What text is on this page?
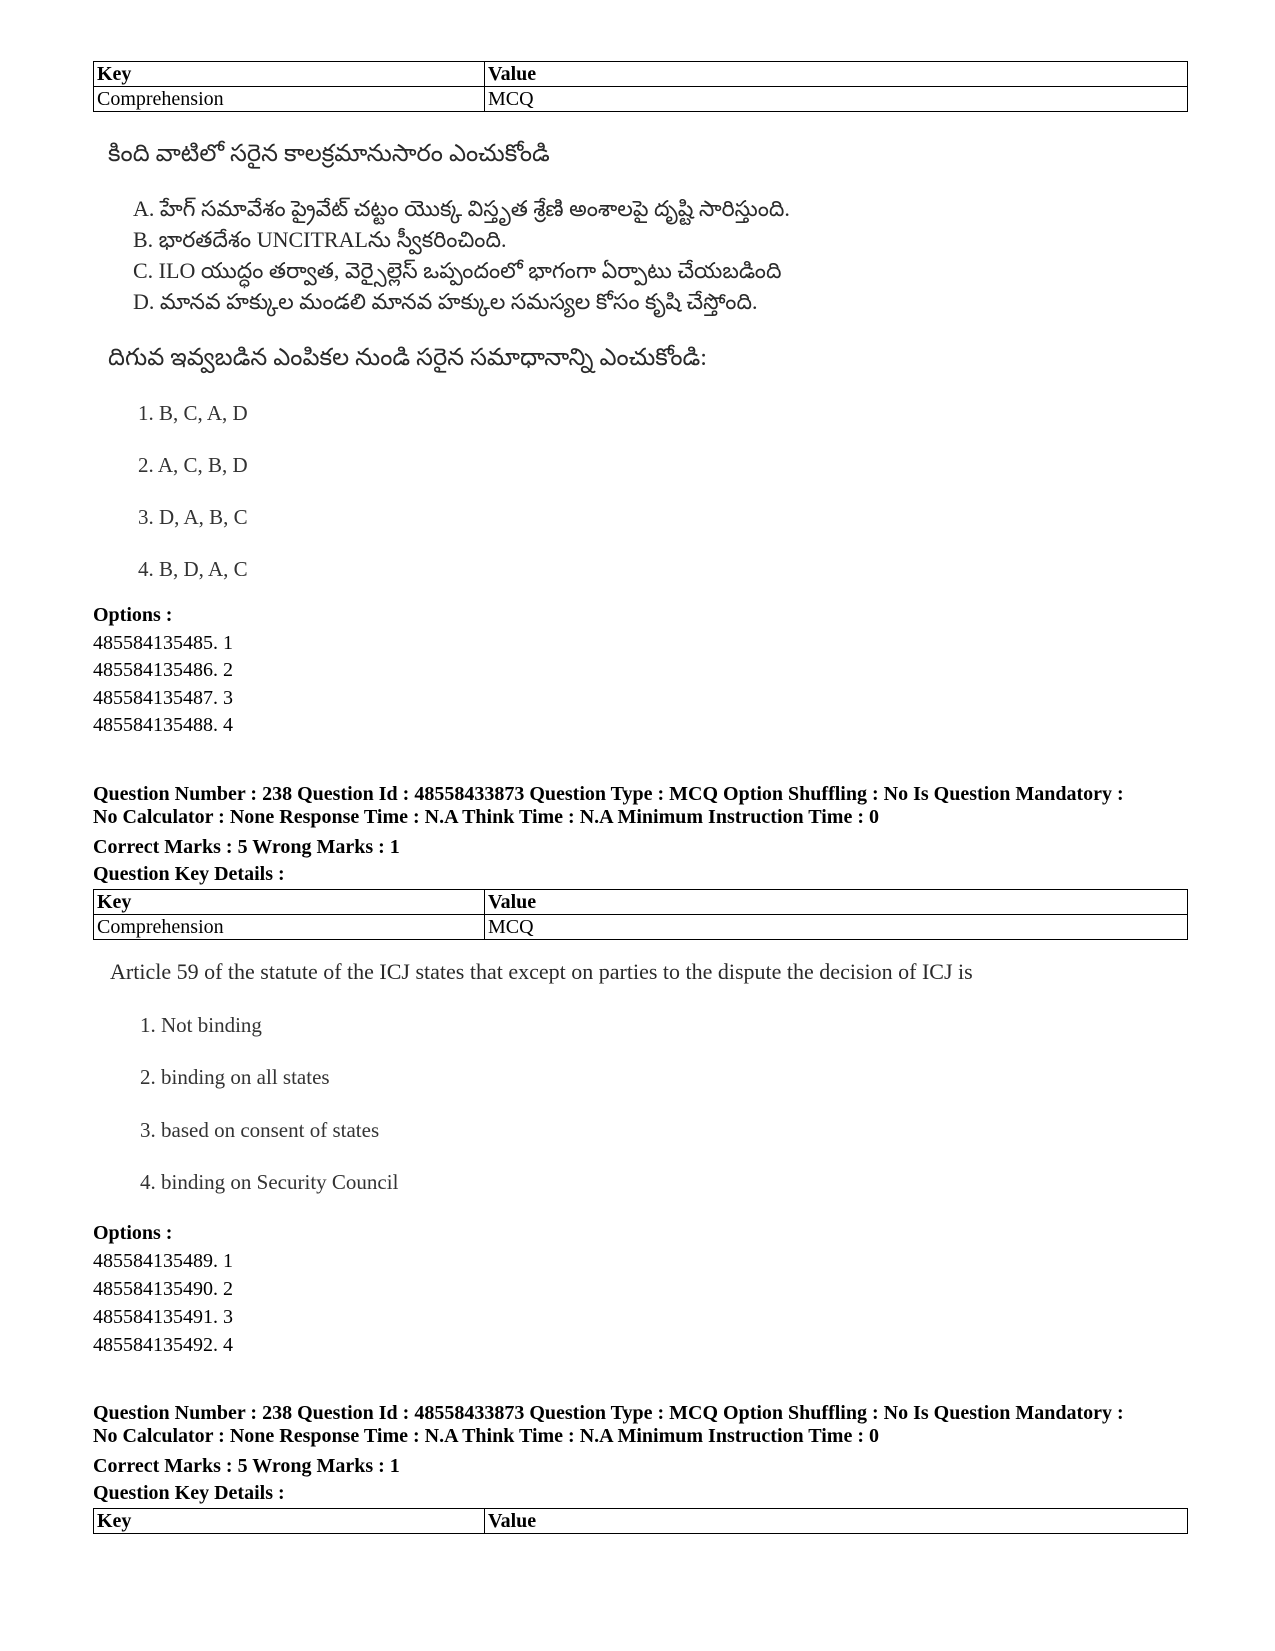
Key	Value
Comprehension	MCQ
కింది వాటిలో సరైన కాలక్రమానుసారం ఎంచుకోండి
A. హేగ్ సమావేశం ప్రైవేట్ చట్టం యొక్క విస్తృత శ్రేణి అంశాలపై దృష్టి సారిస్తుంది.
B. భారతదేశం UNCITRALను స్వీకరించింది.
C. ILO యుద్ధం తర్వాత, వెర్సైల్లెస్ ఒప్పందంలో భాగంగా ఏర్పాటు చేయబడింది
D. మానవ హక్కుల మండలి మానవ హక్కుల సమస్యల కోసం కృషి చేస్తోంది.
దిగువ ఇవ్వబడిన ఎంపికల నుండి సరైన సమాధానాన్ని ఎంచుకోండి:
1. B, C, A, D
2. A, C, B, D
3. D, A, B, C
4. B, D, A, C
Options :
485584135485. 1
485584135486. 2
485584135487. 3
485584135488. 4
Question Number : 238 Question Id : 48558433873 Question Type : MCQ Option Shuffling : No Is Question Mandatory :
No Calculator : None Response Time : N.A Think Time : N.A Minimum Instruction Time : 0
Correct Marks : 5 Wrong Marks : 1
Question Key Details :
Key	Value
Comprehension	MCQ
Article 59 of the statute of the ICJ states that except on parties to the dispute the decision of ICJ is
1. Not binding
2. binding on all states
3. based on consent of states
4. binding on Security Council
Options :
485584135489. 1
485584135490. 2
485584135491. 3
485584135492. 4
Question Number : 238 Question Id : 48558433873 Question Type : MCQ Option Shuffling : No Is Question Mandatory :
No Calculator : None Response Time : N.A Think Time : N.A Minimum Instruction Time : 0
Correct Marks : 5 Wrong Marks : 1
Question Key Details :
Key	Value
